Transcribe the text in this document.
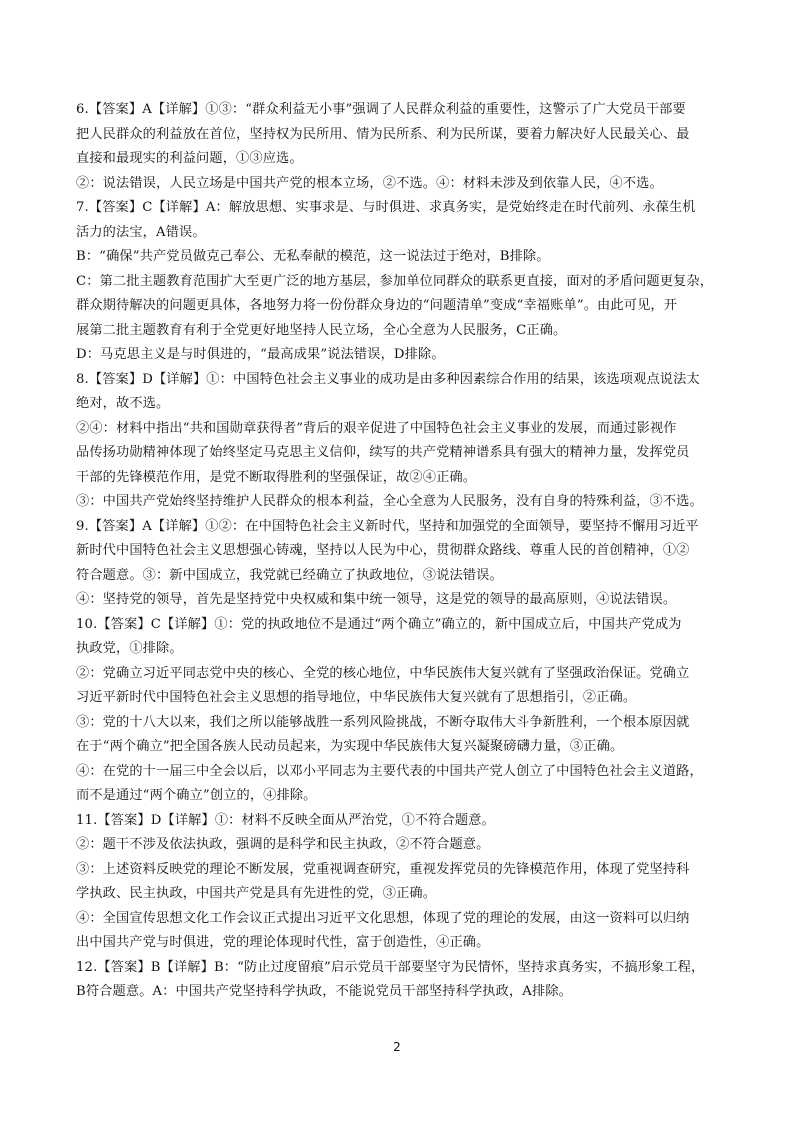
6.【答案】A【详解】①③：“群众利益无小事”强调了人民群众利益的重要性，这警示了广大党员干部要

把人民群众的利益放在首位，坚持权为民所用、情为民所系、利为民所谋，要着力解决好人民最关心、最

直接和最现实的利益问题，①③应选。

②：说法错误，人民立场是中国共产党的根本立场，②不选。④：材料未涉及到依靠人民，④不选。

7.【答案】C【详解】A：解放思想、实事求是、与时俱进、求真务实，是党始终走在时代前列、永葆生机

活力的法宝，A错误。

B：“确保”共产党员做克己奉公、无私奉献的模范，这一说法过于绝对，B排除。

C：第二批主题教育范围扩大至更广泛的地方基层，参加单位同群众的联系更直接，面对的矛盾问题更复杂，

群众期待解决的问题更具体，各地努力将一份份群众身边的“问题清单”变成“幸福账单”。由此可见，开

展第二批主题教育有利于全党更好地坚持人民立场，全心全意为人民服务，C正确。

D：马克思主义是与时俱进的，“最高成果”说法错误，D排除。

8.【答案】D【详解】①：中国特色社会主义事业的成功是由多种因素综合作用的结果，该选项观点说法太

绝对，故不选。

②④：材料中指出“共和国勋章获得者”背后的艰辛促进了中国特色社会主义事业的发展，而通过影视作

品传扬功勋精神体现了始终坚定马克思主义信仰，续写的共产党精神谱系具有强大的精神力量，发挥党员

干部的先锋模范作用，是党不断取得胜利的坚强保证，故②④正确。

③：中国共产党始终坚持维护人民群众的根本利益，全心全意为人民服务，没有自身的特殊利益，③不选。

9.【答案】A【详解】①②：在中国特色社会主义新时代，坚持和加强党的全面领导，要坚持不懈用习近平

新时代中国特色社会主义思想强心铸魂，坚持以人民为中心，贯彻群众路线、尊重人民的首创精神，①②

符合题意。③：新中国成立，我党就已经确立了执政地位，③说法错误。

④：坚持党的领导，首先是坚持党中央权威和集中统一领导，这是党的领导的最高原则，④说法错误。

10.【答案】C【详解】①：党的执政地位不是通过“两个确立”确立的，新中国成立后，中国共产党成为

执政党，①排除。

②：党确立习近平同志党中央的核心、全党的核心地位，中华民族伟大复兴就有了坚强政治保证。党确立

习近平新时代中国特色社会主义思想的指导地位，中华民族伟大复兴就有了思想指引，②正确。

③：党的十八大以来，我们之所以能够战胜一系列风险挑战，不断夺取伟大斗争新胜利，一个根本原因就

在于“两个确立”把全国各族人民动员起来，为实现中华民族伟大复兴凝聚磅礴力量，③正确。

④：在党的十一届三中全会以后，以邓小平同志为主要代表的中国共产党人创立了中国特色社会主义道路，

而不是通过“两个确立”创立的，④排除。

11.【答案】D【详解】①：材料不反映全面从严治党，①不符合题意。

②：题干不涉及依法执政，强调的是科学和民主执政，②不符合题意。

③：上述资料反映党的理论不断发展，党重视调查研究，重视发挥党员的先锋模范作用，体现了党坚持科

学执政、民主执政，中国共产党是具有先进性的党，③正确。

④：全国宣传思想文化工作会议正式提出习近平文化思想，体现了党的理论的发展，由这一资料可以归纳

出中国共产党与时俱进，党的理论体现时代性，富于创造性，④正确。

12.【答案】B【详解】B：“防止过度留痕”启示党员干部要坚守为民情怀，坚持求真务实，不搞形象工程，

B符合题意。A：中国共产党坚持科学执政，不能说党员干部坚持科学执政，A排除。

2
